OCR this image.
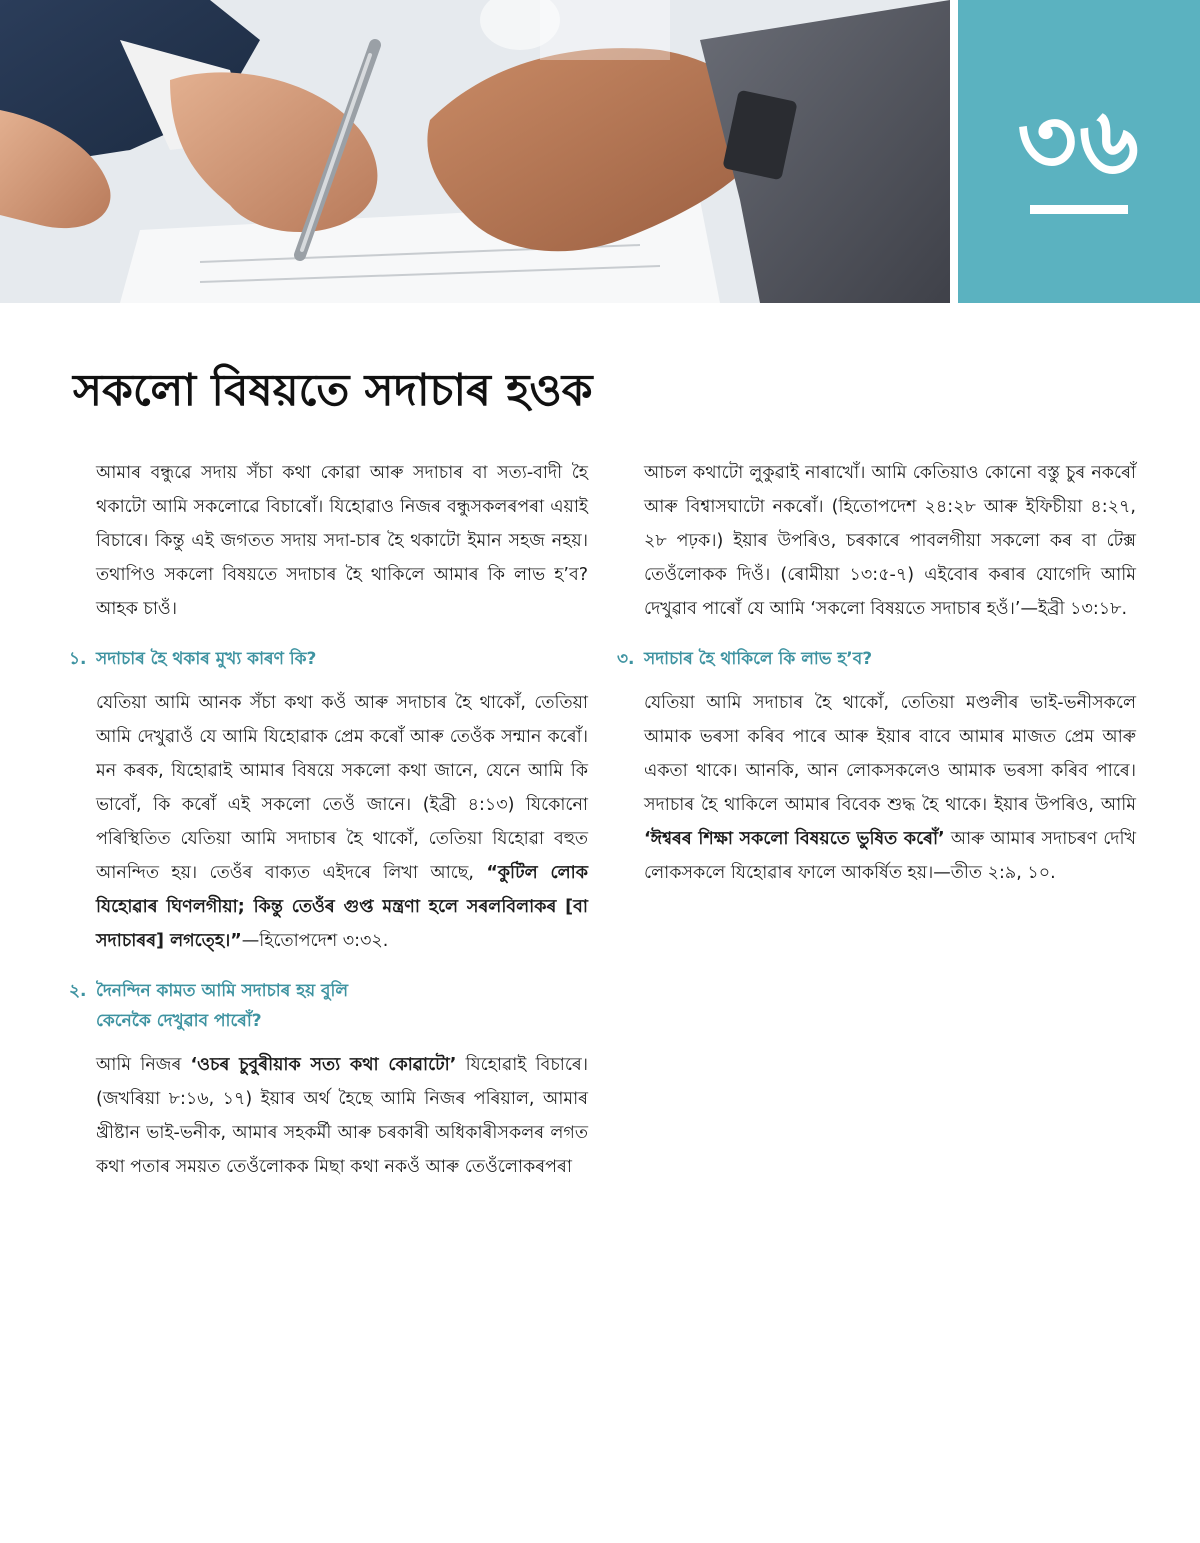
৩৬
সকলো বিষয়তে সদাচাৰ হওক

আমাৰ বন্ধুৱে সদায় সঁচা কথা কোৱা আৰু সদাচাৰ বা সত্য-বাদী হৈ থকাটো আমি সকলোৱে বিচাৰোঁ। যিহোৱাও নিজৰ বন্ধুসকলৰপৰা এয়াই বিচাৰে। কিন্তু এই জগতত সদায় সদা-চাৰ হৈ থকাটো ইমান সহজ নহয়। তথাপিও সকলো বিষয়তে সদাচাৰ হৈ থাকিলে আমাৰ কি লাভ হ’ব? আহক চাওঁ।

১. সদাচাৰ হৈ থকাৰ মুখ্য কাৰণ কি?

যেতিয়া আমি আনক সঁচা কথা কওঁ আৰু সদাচাৰ হৈ থাকোঁ, তেতিয়া আমি দেখুৱাওঁ যে আমি যিহোৱাক প্ৰেম কৰোঁ আৰু তেওঁক সন্মান কৰোঁ। মন কৰক, যিহোৱাই আমাৰ বিষয়ে সকলো কথা জানে, যেনে আমি কি ভাবোঁ, কি কৰোঁ এই সকলো তেওঁ জানে। (ইব্ৰী ৪:১৩) যিকোনো পৰিস্থিতিত যেতিয়া আমি সদাচাৰ হৈ থাকোঁ, তেতিয়া যিহোৱা বহুত আনন্দিত হয়। তেওঁৰ বাক্যত এইদৰে লিখা আছে, “কুটিল লোক যিহোৱাৰ ঘিণলগীয়া; কিন্তু তেওঁৰ গুপ্ত মন্ত্ৰণা হলে সৰলবিলাকৰ [বা সদাচাৰৰ] লগত্হে।”—হিতোপদেশ ৩:৩২.

২. দৈনন্দিন কামত আমি সদাচাৰ হয় বুলি
কেনেকৈ দেখুৱাব পাৰোঁ?

আমি নিজৰ ‘ওচৰ চুবুৰীয়াক সত্য কথা কোৱাটো’ যিহোৱাই বিচাৰে। (জখৰিয়া ৮:১৬, ১৭) ইয়াৰ অৰ্থ হৈছে আমি নিজৰ পৰিয়াল, আমাৰ খ্ৰীষ্টান ভাই-ভনীক, আমাৰ সহকৰ্মী আৰু চৰকাৰী অধিকাৰীসকলৰ লগত কথা পতাৰ সময়ত তেওঁলোকক মিছা কথা নকওঁ আৰু তেওঁলোকৰপৰা

আচল কথাটো লুকুৱাই নাৰাখোঁ। আমি কেতিয়াও কোনো বস্তু চুৰ নকৰোঁ আৰু বিশ্বাসঘাটো নকৰোঁ। (হিতোপদেশ ২৪:২৮ আৰু ইফিচীয়া ৪:২৭, ২৮ পঢ়ক।) ইয়াৰ উপৰিও, চৰকাৰে পাবলগীয়া সকলো কৰ বা টেক্স তেওঁলোকক দিওঁ। (ৰোমীয়া ১৩:৫-৭) এইবোৰ কৰাৰ যোগেদি আমি দেখুৱাব পাৰোঁ যে আমি ‘সকলো বিষয়তে সদাচাৰ হওঁ।’—ইব্ৰী ১৩:১৮.

৩. সদাচাৰ হৈ থাকিলে কি লাভ হ’ব?

যেতিয়া আমি সদাচাৰ হৈ থাকোঁ, তেতিয়া মণ্ডলীৰ ভাই-ভনীসকলে আমাক ভৰসা কৰিব পাৰে আৰু ইয়াৰ বাবে আমাৰ মাজত প্ৰেম আৰু একতা থাকে। আনকি, আন লোকসকলেও আমাক ভৰসা কৰিব পাৰে। সদাচাৰ হৈ থাকিলে আমাৰ বিবেক শুদ্ধ হৈ থাকে। ইয়াৰ উপৰিও, আমি ‘ঈশ্বৰৰ শিক্ষা সকলো বিষয়তে ভুষিত কৰোঁ’ আৰু আমাৰ সদাচৰণ দেখি লোকসকলে যিহোৱাৰ ফালে আকৰ্ষিত হয়।—তীত ২:৯, ১০.
